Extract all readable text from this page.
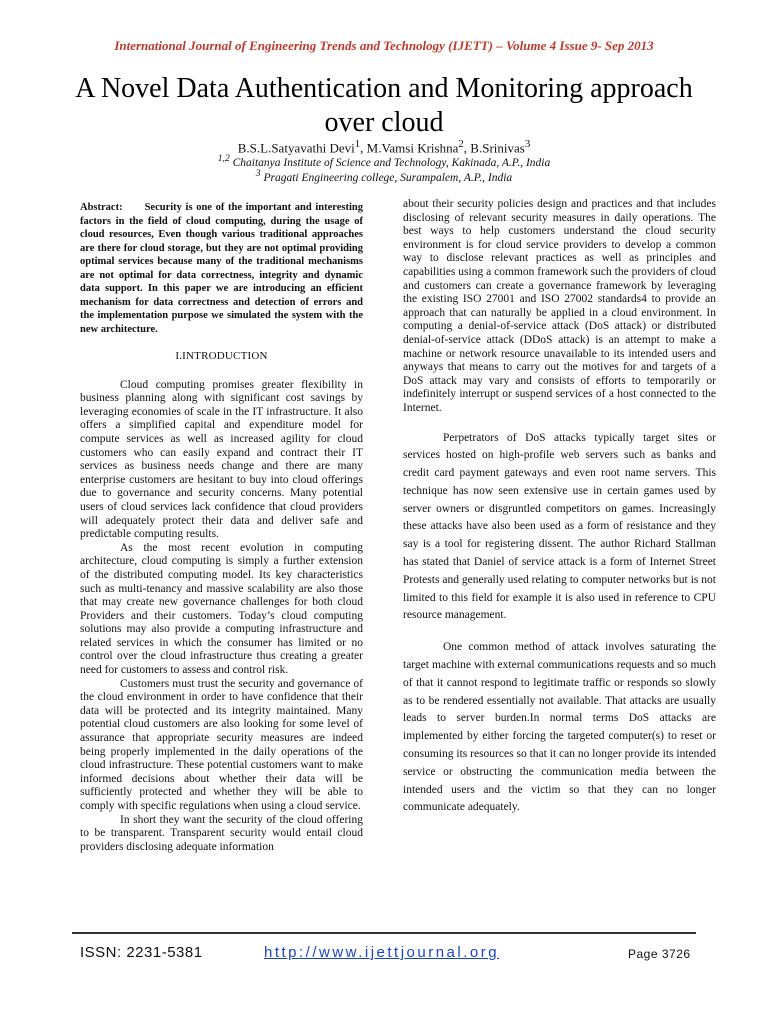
International Journal of Engineering Trends and Technology (IJETT) – Volume 4 Issue 9- Sep 2013
A Novel Data Authentication and Monitoring approach over cloud
B.S.L.Satyavathi Devi$^1$, M.Vamsi Krishna$^2$, B.Srinivas$^3$
$^{1,2}$ Chaitanya Institute of Science and Technology, Kakinada, A.P., India
$^3$ Pragati Engineering college, Surampalem, A.P., India
Abstract: Security is one of the important and interesting factors in the field of cloud computing, during the usage of cloud resources, Even though various traditional approaches are there for cloud storage, but they are not optimal providing optimal services because many of the traditional mechanisms are not optimal for data correctness, integrity and dynamic data support. In this paper we are introducing an efficient mechanism for data correctness and detection of errors and the implementation purpose we simulated the system with the new architecture.
I.INTRODUCTION

Cloud computing promises greater flexibility in business planning along with significant cost savings by leveraging economies of scale in the IT infrastructure. It also offers a simplified capital and expenditure model for compute services as well as increased agility for cloud customers who can easily expand and contract their IT services as business needs change and there are many enterprise customers are hesitant to buy into cloud offerings due to governance and security concerns. Many potential users of cloud services lack confidence that cloud providers will adequately protect their data and deliver safe and predictable computing results.

As the most recent evolution in computing architecture, cloud computing is simply a further extension of the distributed computing model. Its key characteristics such as multi-tenancy and massive scalability are also those that may create new governance challenges for both cloud Providers and their customers. Today’s cloud computing solutions may also provide a computing infrastructure and related services in which the consumer has limited or no control over the cloud infrastructure thus creating a greater need for customers to assess and control risk.

Customers must trust the security and governance of the cloud environment in order to have confidence that their data will be protected and its integrity maintained. Many potential cloud customers are also looking for some level of assurance that appropriate security measures are indeed being properly implemented in the daily operations of the cloud infrastructure. These potential customers want to make informed decisions about whether their data will be sufficiently protected and whether they will be able to comply with specific regulations when using a cloud service.

In short they want the security of the cloud offering to be transparent. Transparent security would entail cloud providers disclosing adequate information

about their security policies design and practices and that includes disclosing of relevant security measures in daily operations. The best ways to help customers understand the cloud security environment is for cloud service providers to develop a common way to disclose relevant practices as well as principles and capabilities using a common framework such the providers of cloud and customers can create a governance framework by leveraging the existing ISO 27001 and ISO 27002 standards4 to provide an approach that can naturally be applied in a cloud environment. In computing a denial-of-service attack (DoS attack) or distributed denial-of-service attack (DDoS attack) is an attempt to make a machine or network resource unavailable to its intended users and anyways that means to carry out the motives for and targets of a DoS attack may vary and consists of efforts to temporarily or indefinitely interrupt or suspend services of a host connected to the Internet.

Perpetrators of DoS attacks typically target sites or services hosted on high-profile web servers such as banks and credit card payment gateways and even root name servers. This technique has now seen extensive use in certain games used by server owners or disgruntled competitors on games. Increasingly these attacks have also been used as a form of resistance and they say is a tool for registering dissent. The author Richard Stallman has stated that Daniel of service attack is a form of Internet Street Protests and generally used relating to computer networks but is not limited to this field for example it is also used in reference to CPU resource management.

One common method of attack involves saturating the target machine with external communications requests and so much of that it cannot respond to legitimate traffic or responds so slowly as to be rendered essentially not available. That attacks are usually leads to server burden.In normal terms DoS attacks are implemented by either forcing the targeted computer(s) to reset or consuming its resources so that it can no longer provide its intended service or obstructing the communication media between the intended users and the victim so that they can no longer communicate adequately.

ISSN: 2231-5381	http://www.ijettjournal.org	Page 3726
